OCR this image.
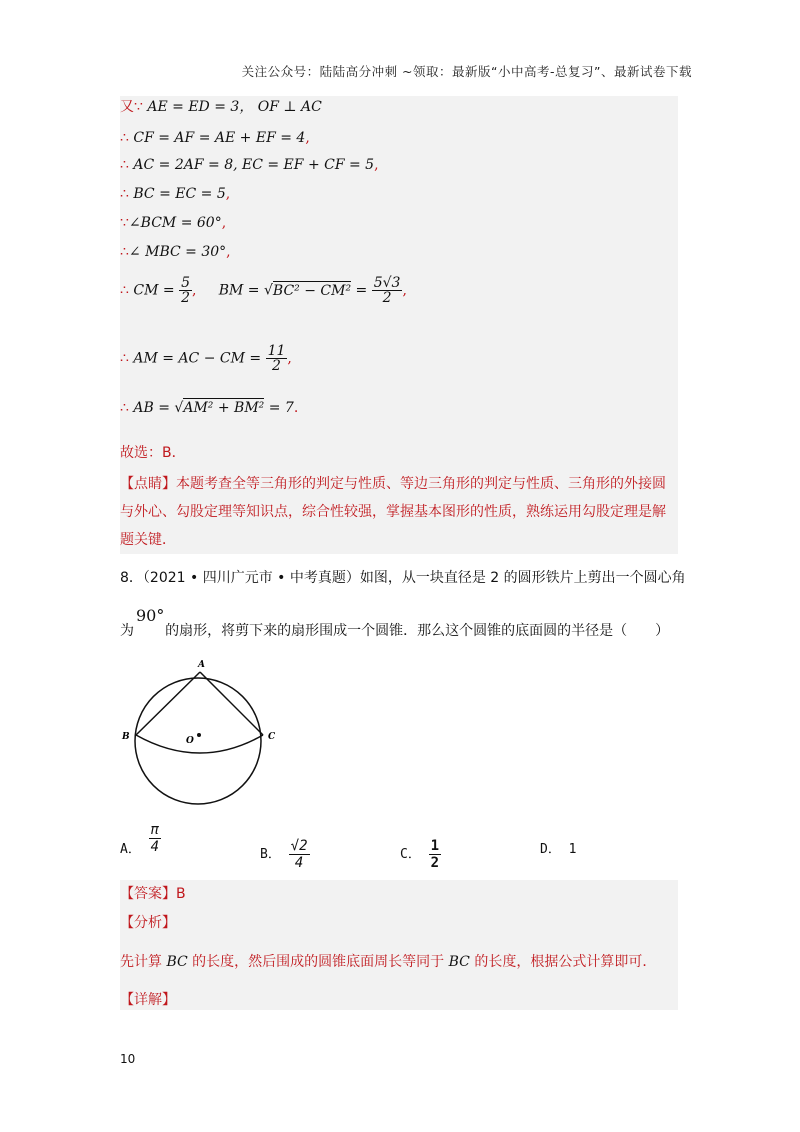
关注公众号：陆陆高分冲刺 ~领取：最新版“小中高考-总复习”、最新试卷下载
又∵ AE = ED = 3， OF ⊥ AC
∴ CF = AF = AE + EF = 4,
∴ AC = 2AF = 8, EC = EF + CF = 5,
∴ BC = EC = 5,
∵∠BCM = 60°,
∴∠ MBC = 30°,
∴ CM = $\frac{5}{2}$ , BM = $√BC^2 - CM^2 = \frac{5√3}{2}$ ,
∴ AM = AC − CM = $\frac{11}{2}$ ,
∴ AB = √AM² + BM² = 7.
故选：B．
【点睛】本题考查全等三角形的判定与性质、等边三角形的判定与性质、三角形的外接圆与外心、勾股定理等知识点，综合性较强，掌握基本图形的性质，熟练运用勾股定理是解题关键．
8．（2021 • 四川广元市 • 中考真题）如图，从一块直径是 2 的圆形铁片上剪出一个圆心角
90°
为 的扇形，将剪下来的扇形围成一个圆锥．那么这个圆锥的底面圆的半径是（　　）
A
B	C
O
A． $\frac{\pi}{4}$	B． $\frac{√2}{4}$	C． $\frac{1}{2}$	D． 1
【答案】B
【分析】
先计算 BC 的长度，然后围成的圆锥底面周长等同于 BC 的长度，根据公式计算即可．
【详解】
10
